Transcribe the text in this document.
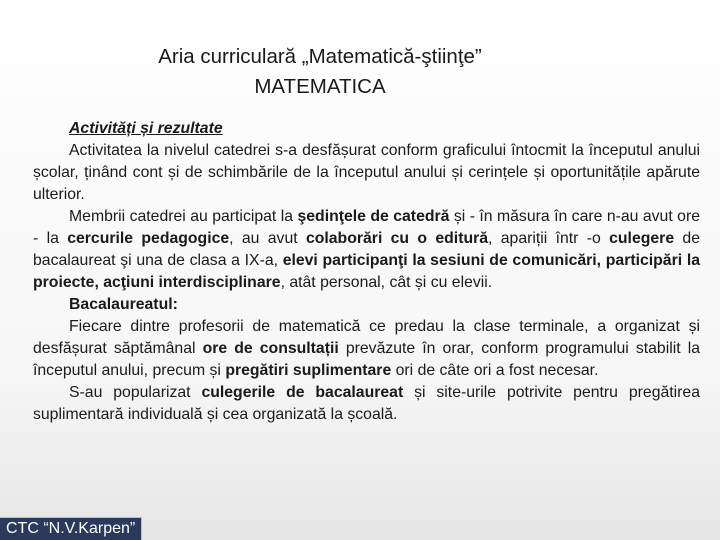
Aria curriculară „Matematică-ştiinţe”
MATEMATICA

Activități și rezultate

Activitatea la nivelul catedrei s-a desfășurat conform graficului întocmit la începutul anului școlar, ținând cont și de schimbările de la începutul anului și cerințele și oportunitățile apărute ulterior.

Membrii catedrei au participat la şedinţele de catedră și - în măsura în care n-au avut ore - la cercurile pedagogice, au avut colaborări cu o editură, apariții într -o culegere de bacalaureat şi una de clasa a IX-a, elevi participanţi la sesiuni de comunicări, participări la proiecte, acţiuni interdisciplinare, atât personal, cât și cu elevii.

Bacalaureatul:

Fiecare dintre profesorii de matematică ce predau la clase terminale, a organizat și desfășurat săptămânal ore de consultații prevăzute în orar, conform programului stabilit la începutul anului, precum și pregătiri suplimentare ori de câte ori a fost necesar.

S-au popularizat culegerile de bacalaureat și site-urile potrivite pentru pregătirea suplimentară individuală și cea organizată la școală.

CTC “N.V.Karpen”
